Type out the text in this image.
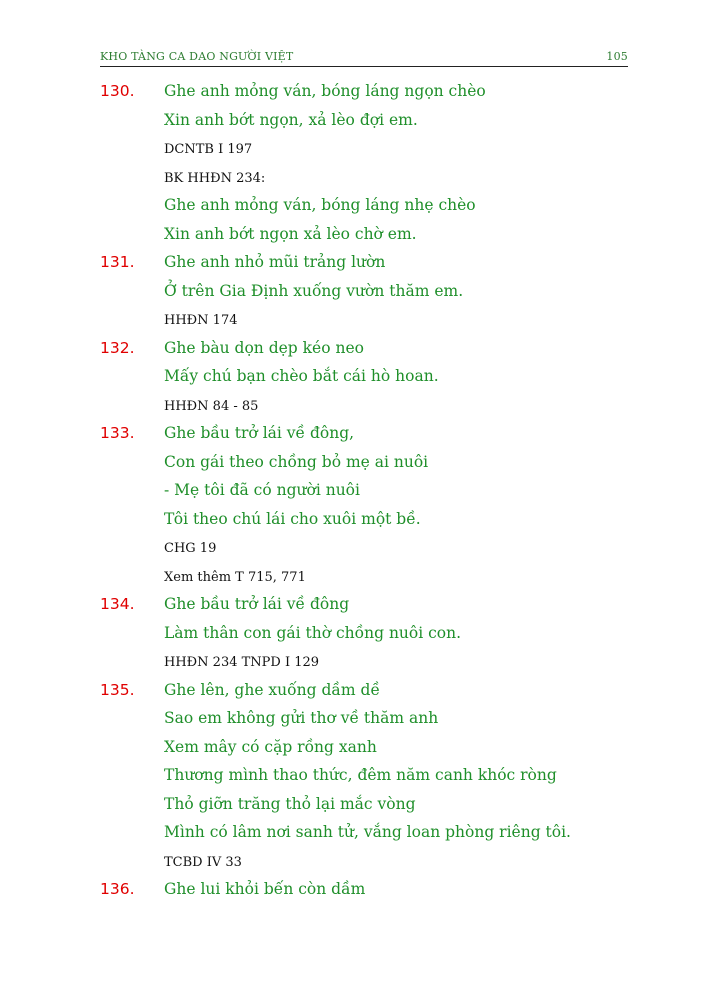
KHO TÀNG CA DAO NGƯỜI VIỆT	105
130. Ghe anh mỏng ván, bóng láng ngọn chèo
Xin anh bớt ngọn, xả lèo đợi em.
DCNTB I 197
BK HHĐN 234:
Ghe anh mỏng ván, bóng láng nhẹ chèo
Xin anh bớt ngọn xả lèo chờ em.
131. Ghe anh nhỏ mũi trảng lườn
Ở trên Gia Định xuống vườn thăm em.
HHĐN 174
132. Ghe bàu dọn dẹp kéo neo
Mấy chú bạn chèo bắt cái hò hoan.
HHĐN 84 - 85
133. Ghe bầu trở lái về đông,
Con gái theo chồng bỏ mẹ ai nuôi
- Mẹ tôi đã có người nuôi
Tôi theo chú lái cho xuôi một bề.
CHG 19
Xem thêm T 715, 771
134. Ghe bầu trở lái về đông
Làm thân con gái thờ chồng nuôi con.
HHĐN 234 TNPD I 129
135. Ghe lên, ghe xuống dầm dề
Sao em không gửi thơ về thăm anh
Xem mây có cặp rồng xanh
Thương mình thao thức, đêm năm canh khóc ròng
Thỏ giỡn trăng thỏ lại mắc vòng
Mình có lâm nơi sanh tử, vắng loan phòng riêng tôi.
TCBD IV 33
136. Ghe lui khỏi bến còn dầm
